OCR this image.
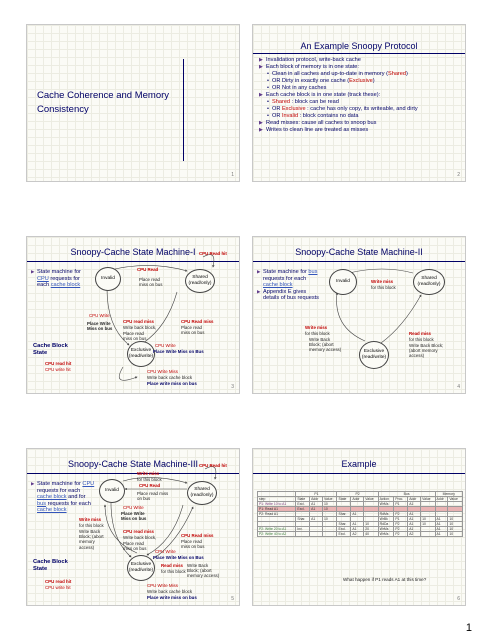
Cache Coherence and Memory Consistency
1
An Example Snoopy Protocol
▶ Invalidation protocol, write-back cache
▶ Each block of memory is in one state:
• Clean in all caches and up-to-date in memory (Shared)
• OR Dirty in exactly one cache (Exclusive)
• OR Not in any caches
▶ Each cache block is in one state (track these):
• Shared : block can be read
• OR Exclusive : cache has only copy, its writeable, and dirty
• OR Invalid : block contains no data
▶ Read misses: cause all caches to snoop bus
▶ Writes to clean line are treated as misses
2
Snoopy-Cache State Machine-I
▶ State machine for CPU requests for each cache block
Cache Block State
Invalid	Shared (read/only)
Exclusive (read/write)
CPU Read hit
CPU Read
Place read miss on bus
CPU Write
Place Write Miss on bus
CPU read miss
Write back block,
Place read miss on bus
CPU Read miss
Place read miss on bus
CPU Write
Place Write Miss on Bus
CPU read hit
CPU write hit	CPU Write Miss
Write back cache block
Place write miss on bus
3
Snoopy-Cache State Machine-II
▶ State machine for bus requests for each cache block
▶ Appendix E gives details of bus requests
Invalid
Shared (read/only)
Exclusive (read/write)
Write miss
for this block
Write miss
for this block
Write Back Block; (abort memory access)
Read miss
for this block
Write Back Block; (abort memory access)
4
Snoopy-Cache State Machine-III
▶ State machine for CPU requests for each cache block and for bus requests for each cache block
Cache Block State
Invalid	Shared (read/only)
Exclusive (read/write)
CPU Read hit
Write miss
for this block
CPU Read
Place read miss on bus
CPU Write
Place Write Miss on bus
Write miss
for this block
Write Back Block; (abort memory access)
CPU read miss
Write back block,
Place read miss on bus
CPU Read miss
Place read miss on bus
CPU Write
Place Write Miss on Bus
Read miss
for this block
Write Back Block; (abort memory access)
CPU read hit
CPU write hit	CPU Write Miss
Write back cache block
Place write miss on bus	5
Example
	P1			P2			Bus				Memory	
step	State	Addr	Value	State	Addr	Value	Action	Proc.	Addr	Value	Addr	Value
P1: Write 10 to A1	Excl.	A1	10				WrMs	P1	A1			
P1: Read A1	Excl.	A1	10									
P2: Read A1				Shar.	A1		RdMs	P2	A1			
	Shar.	A1	10				WrBk	P1	A1	10	A1	10
				Shar.	A1	10	RdDa	P2	A1	10	A1	10
P2: Write 20 to A1	Inv.			Excl.	A1	20	WrMs	P2	A1		A1	10
P2: Write 40 to A2				Excl.	A2	40	WrMs	P2	A2		A1	10
What happen if P1 reads A1 at this time?
6
1
